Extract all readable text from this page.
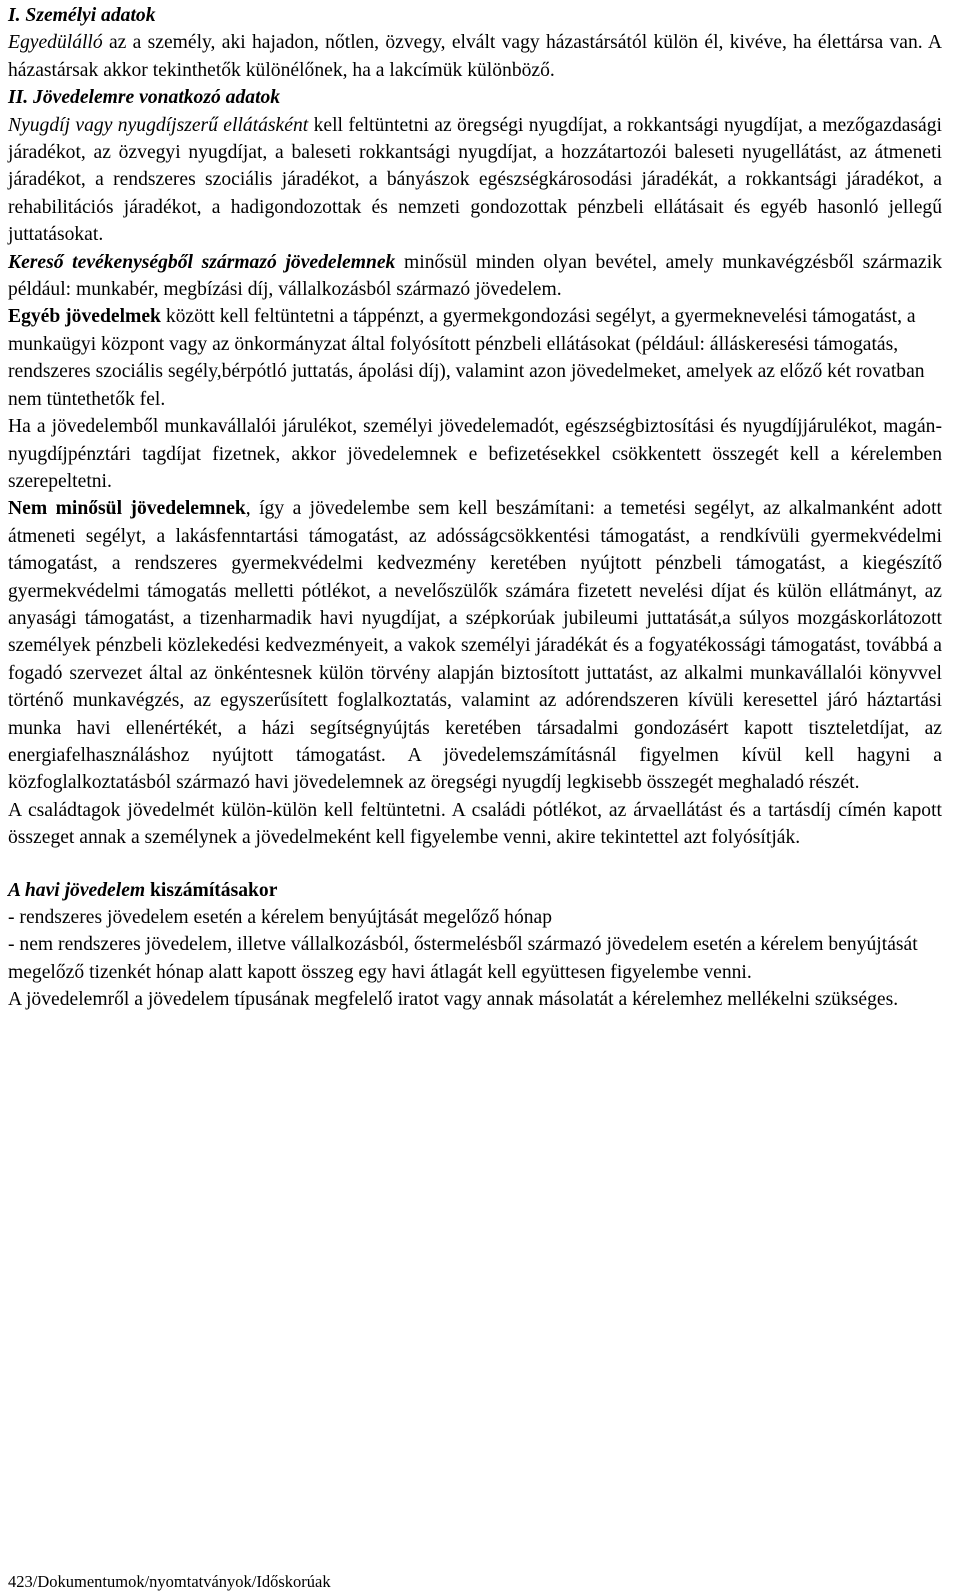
I. Személyi adatok

Egyedülálló az a személy, aki hajadon, nőtlen, özvegy, elvált vagy házastársától külön él, kivéve, ha élettársa van. A házastársak akkor tekinthetők különélőnek, ha a lakcímük különböző.

II. Jövedelemre vonatkozó adatok

Nyugdíj vagy nyugdíjszerű ellátásként kell feltüntetni az öregségi nyugdíjat, a rokkantsági nyugdíjat, a mezőgazdasági járadékot, az özvegyi nyugdíjat, a baleseti rokkantsági nyugdíjat, a hozzátartozói baleseti nyugellátást, az átmeneti járadékot, a rendszeres szociális járadékot, a bányászok egészségkárosodási járadékát, a rokkantsági járadékot, a rehabilitációs járadékot, a hadigondozottak és nemzeti gondozottak pénzbeli ellátásait és egyéb hasonló jellegű juttatásokat.

Kereső tevékenységből származó jövedelemnek minősül minden olyan bevétel, amely munkavégzésből származik például: munkabér, megbízási díj, vállalkozásból származó jövedelem.

Egyéb jövedelmek között kell feltüntetni a táppénzt, a gyermekgondozási segélyt, a gyermeknevelési támogatást, a munkaügyi központ vagy az önkormányzat által folyósított pénzbeli ellátásokat (például: álláskeresési támogatás, rendszeres szociális segély,bérpótló juttatás, ápolási díj), valamint azon jövedelmeket, amelyek az előző két rovatban nem tüntethetők fel.

Ha a jövedelemből munkavállalói járulékot, személyi jövedelemadót, egészségbiztosítási és nyugdíjjárulékot, magán-nyugdíjpénztári tagdíjat fizetnek, akkor jövedelemnek e befizetésekkel csökkentett összegét kell a kérelemben szerepeltetni.

Nem minősül jövedelemnek, így a jövedelembe sem kell beszámítani: a temetési segélyt, az alkalmanként adott átmeneti segélyt, a lakásfenntartási támogatást, az adósságcsökkentési támogatást, a rendkívüli gyermekvédelmi támogatást, a rendszeres gyermekvédelmi kedvezmény keretében nyújtott pénzbeli támogatást, a kiegészítő gyermekvédelmi támogatás melletti pótlékot, a nevelőszülők számára fizetett nevelési díjat és külön ellátmányt, az anyasági támogatást, a tizenharmadik havi nyugdíjat, a szépkorúak jubileumi juttatását,a súlyos mozgáskorlátozott személyek pénzbeli közlekedési kedvezményeit, a vakok személyi járadékát és a fogyatékossági támogatást, továbbá a fogadó szervezet által az önkéntesnek külön törvény alapján biztosított juttatást, az alkalmi munkavállalói könyvvel történő munkavégzés, az egyszerűsített foglalkoztatás, valamint az adórendszeren kívüli keresettel járó háztartási munka havi ellenértékét, a házi segítségnyújtás keretében társadalmi gondozásért kapott tiszteletdíjat, az energiafelhasználáshoz nyújtott támogatást. A jövedelemszámításnál figyelmen kívül kell hagyni a közfoglalkoztatásból származó havi jövedelemnek az öregségi nyugdíj legkisebb összegét meghaladó részét.

A családtagok jövedelmét külön-külön kell feltüntetni. A családi pótlékot, az árvaellátást és a tartásdíj címén kapott összeget annak a személynek a jövedelmeként kell figyelembe venni, akire tekintettel azt folyósítják.

A havi jövedelem kiszámításakor

- rendszeres jövedelem esetén a kérelem benyújtását megelőző hónap

- nem rendszeres jövedelem, illetve vállalkozásból, őstermelésből származó jövedelem esetén a kérelem benyújtását megelőző tizenkét hónap alatt kapott összeg egy havi átlagát kell együttesen figyelembe venni.

A jövedelemről a jövedelem típusának megfelelő iratot vagy annak másolatát a kérelemhez mellékelni szükséges.

423/Dokumentumok/nyomtatványok/Időskorúak
